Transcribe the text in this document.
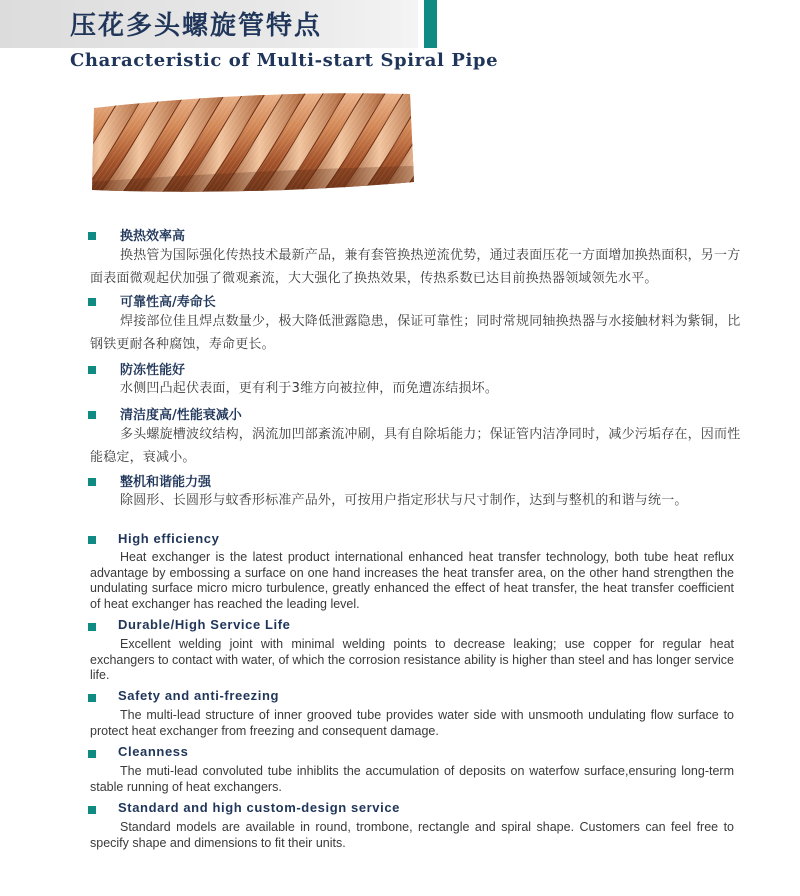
压花多头螺旋管特点
Characteristic of Multi-start Spiral Pipe
换热效率高
换热管为国际强化传热技术最新产品，兼有套管换热逆流优势，通过表面压花一方面增加换热面积，另一方面表面微观起伏加强了微观紊流，大大强化了换热效果，传热系数已达目前换热器领域领先水平。
可靠性高/寿命长
焊接部位佳且焊点数量少，极大降低泄露隐患，保证可靠性；同时常规同轴换热器与水接触材料为紫铜，比钢铁更耐各种腐蚀，寿命更长。
防冻性能好
水侧凹凸起伏表面，更有利于3维方向被拉伸，而免遭冻结损坏。
清洁度高/性能衰减小
多头螺旋槽波纹结构，涡流加凹部紊流冲刷，具有自除垢能力；保证管内洁净同时，减少污垢存在，因而性能稳定，衰减小。
整机和谐能力强
除圆形、长圆形与蚊香形标准产品外，可按用户指定形状与尺寸制作，达到与整机的和谐与统一。
High efficiency
Heat exchanger is the latest product international enhanced heat transfer technology, both tube heat reflux advantage by embossing a surface on one hand increases the heat transfer area, on the other hand strengthen the undulating surface micro micro turbulence, greatly enhanced the effect of heat transfer, the heat transfer coefficient of heat exchanger has reached the leading level.
Durable/High Service Life
Excellent welding joint with minimal welding points to decrease leaking; use copper for regular heat exchangers to contact with water, of which the corrosion resistance ability is higher than steel and has longer service life.
Safety and anti-freezing
The multi-lead structure of inner grooved tube provides water side with unsmooth undulating flow surface to protect heat exchanger from freezing and consequent damage.
Cleanness
The muti-lead convoluted tube inhiblits the accumulation of deposits on waterfow surface,ensuring long-term stable running of heat exchangers.
Standard and high custom-design service
Standard models are available in round, trombone, rectangle and spiral shape. Customers can feel free to specify shape and dimensions to fit their units.
